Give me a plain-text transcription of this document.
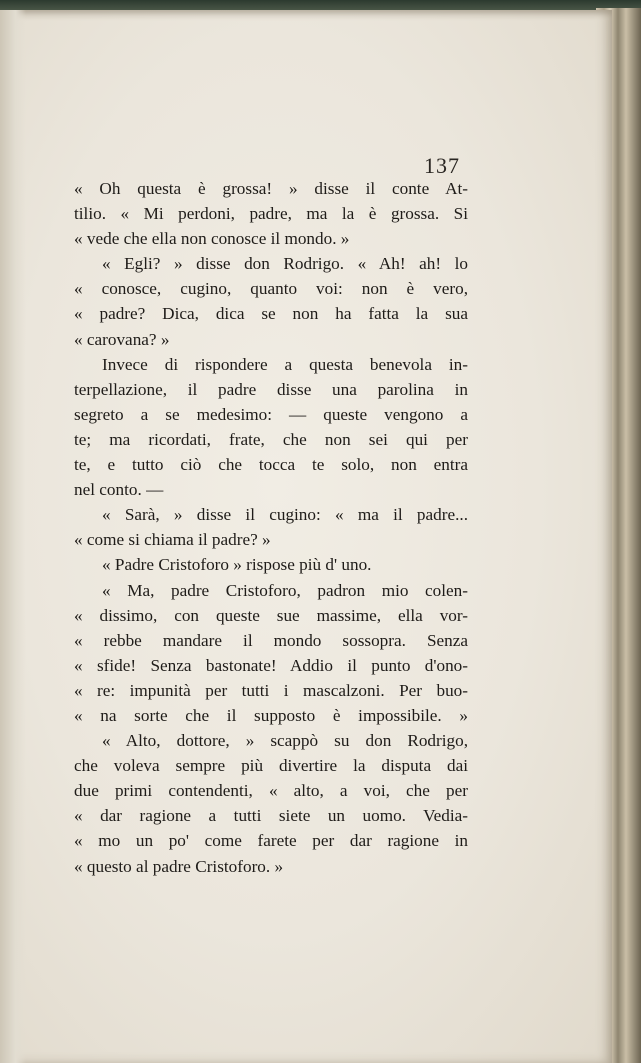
137
« Oh questa è grossa! » disse il conte At-
tilio. « Mi perdoni, padre, ma la è grossa. Si
« vede che ella non conosce il mondo. »
« Egli? » disse don Rodrigo. « Ah! ah! lo
« conosce, cugino, quanto voi: non è vero,
« padre? Dica, dica se non ha fatta la sua
« carovana? »
Invece di rispondere a questa benevola in-
terpellazione, il padre disse una parolina in
segreto a se medesimo: — queste vengono a
te; ma ricordati, frate, che non sei qui per
te, e tutto ciò che tocca te solo, non entra
nel conto. —
« Sarà, » disse il cugino: « ma il padre...
« come si chiama il padre? »
« Padre Cristoforo » rispose più d' uno.
« Ma, padre Cristoforo, padron mio colen-
« dissimo, con queste sue massime, ella vor-
« rebbe mandare il mondo sossopra. Senza
« sfide! Senza bastonate! Addio il punto d'ono-
« re: impunità per tutti i mascalzoni. Per buo-
« na sorte che il supposto è impossibile. »
« Alto, dottore, » scappò su don Rodrigo,
che voleva sempre più divertire la disputa dai
due primi contendenti, « alto, a voi, che per
« dar ragione a tutti siete un uomo. Vedia-
« mo un po' come farete per dar ragione in
« questo al padre Cristoforo. »
